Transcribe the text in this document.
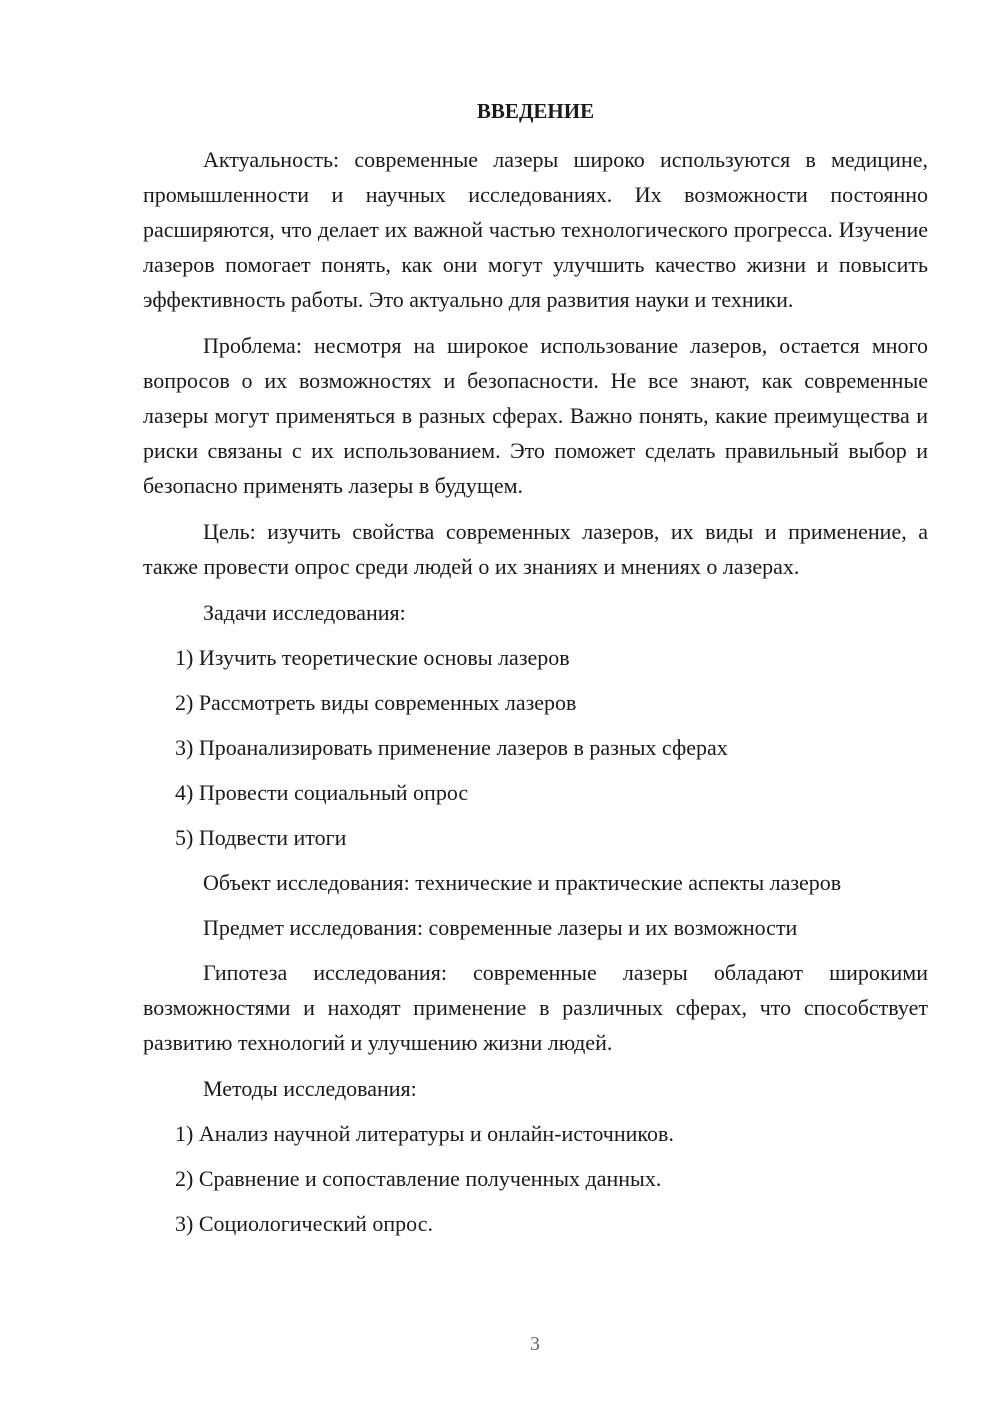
ВВЕДЕНИЕ

Актуальность: современные лазеры широко используются в медицине, промышленности и научных исследованиях. Их возможности постоянно расширяются, что делает их важной частью технологического прогресса. Изучение лазеров помогает понять, как они могут улучшить качество жизни и повысить эффективность работы. Это актуально для развития науки и техники.

Проблема: несмотря на широкое использование лазеров, остается много вопросов о их возможностях и безопасности. Не все знают, как современные лазеры могут применяться в разных сферах. Важно понять, какие преимущества и риски связаны с их использованием. Это поможет сделать правильный выбор и безопасно применять лазеры в будущем.

Цель: изучить свойства современных лазеров, их виды и применение, а также провести опрос среди людей о их знаниях и мнениях о лазерах.

Задачи исследования:

1) Изучить теоретические основы лазеров

2) Рассмотреть виды современных лазеров

3) Проанализировать применение лазеров в разных сферах

4) Провести социальный опрос

5) Подвести итоги

Объект исследования: технические и практические аспекты лазеров

Предмет исследования: современные лазеры и их возможности

Гипотеза исследования: современные лазеры обладают широкими возможностями и находят применение в различных сферах, что способствует развитию технологий и улучшению жизни людей.

Методы исследования:

1) Анализ научной литературы и онлайн-источников.

2) Сравнение и сопоставление полученных данных.

3) Социологический опрос.

3
